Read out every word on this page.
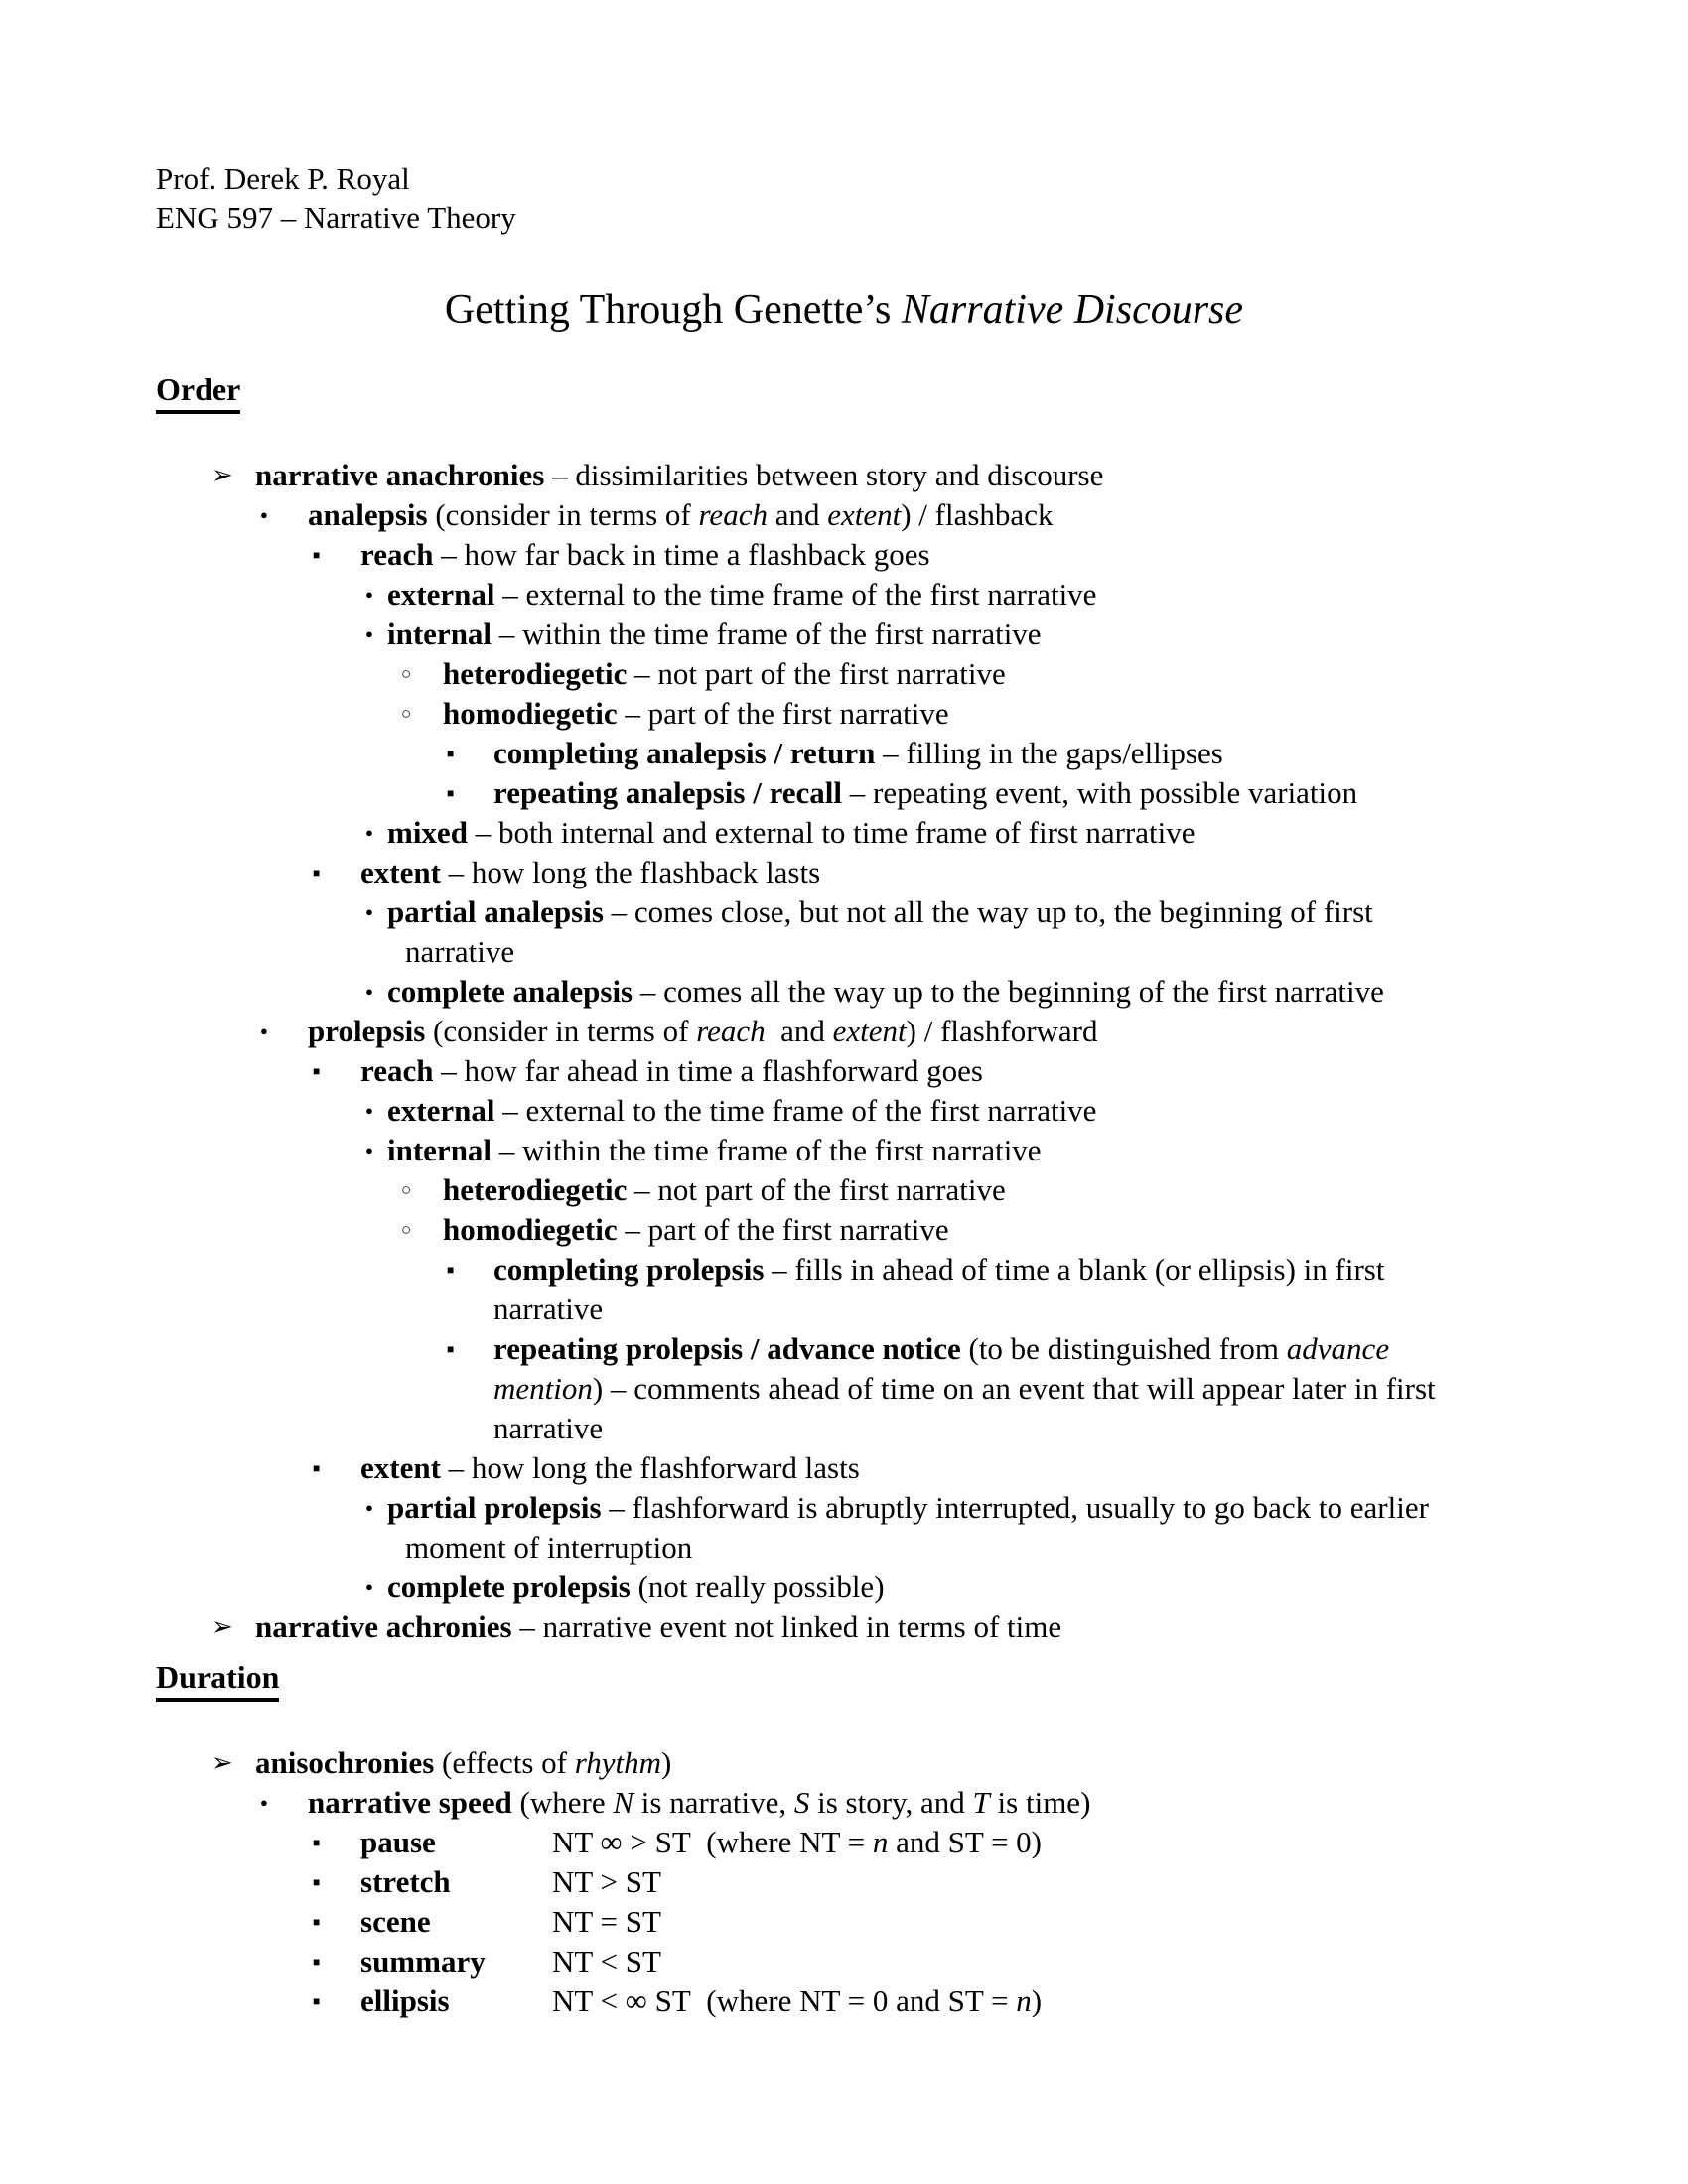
Prof. Derek P. Royal
ENG 597 – Narrative Theory
Getting Through Genette’s Narrative Discourse
Order
➢ narrative anachronies – dissimilarities between story and discourse
● analepsis (consider in terms of reach and extent) / flashback
■ reach – how far back in time a flashback goes
● external – external to the time frame of the first narrative
● internal – within the time frame of the first narrative
○ heterodiegetic – not part of the first narrative
○ homodiegetic – part of the first narrative
■ completing analepsis / return – filling in the gaps/ellipses
■ repeating analepsis / recall – repeating event, with possible variation
● mixed – both internal and external to time frame of first narrative
■ extent – how long the flashback lasts
● partial analepsis – comes close, but not all the way up to, the beginning of first
narrative
● complete analepsis – comes all the way up to the beginning of the first narrative
● prolepsis (consider in terms of reach  and extent) / flashforward
■ reach – how far ahead in time a flashforward goes
● external – external to the time frame of the first narrative
● internal – within the time frame of the first narrative
○ heterodiegetic – not part of the first narrative
○ homodiegetic – part of the first narrative
■ completing prolepsis – fills in ahead of time a blank (or ellipsis) in first
narrative
■ repeating prolepsis / advance notice (to be distinguished from advance
mention) – comments ahead of time on an event that will appear later in first
narrative
■ extent – how long the flashforward lasts
● partial prolepsis – flashforward is abruptly interrupted, usually to go back to earlier
moment of interruption
● complete prolepsis (not really possible)
➢ narrative achronies – narrative event not linked in terms of time
Duration
➢ anisochronies (effects of rhythm)
● narrative speed (where N is narrative, S is story, and T is time)
■ pause	NT ∞ > ST  (where NT = n and ST = 0)
■ stretch	NT > ST
■ scene	NT = ST
■ summary NT < ST
■ ellipsis	NT < ∞ ST  (where NT = 0 and ST = n)
